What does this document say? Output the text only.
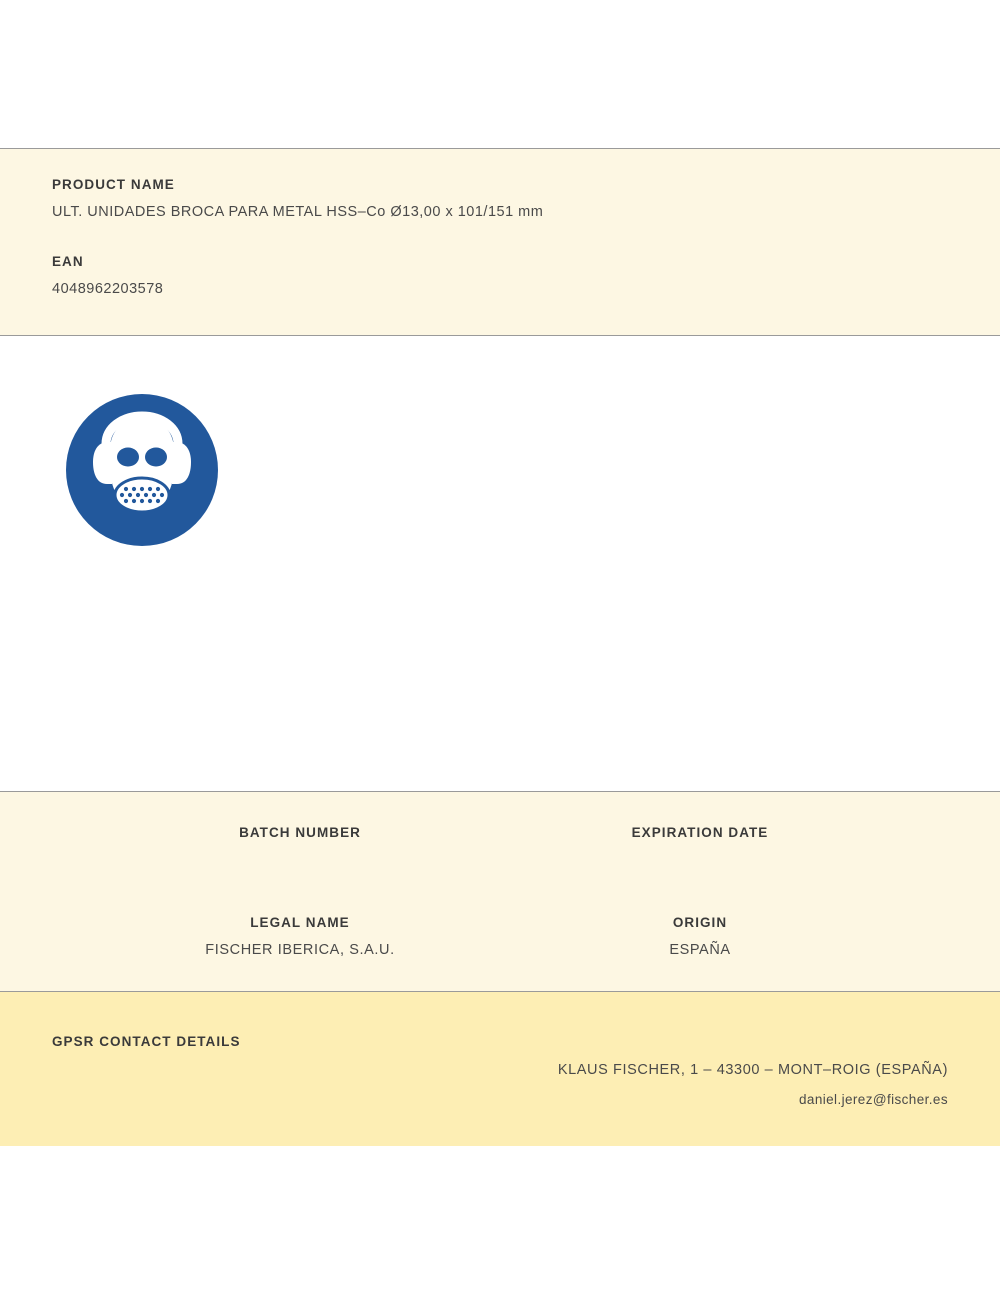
PRODUCT NAME
ULT. UNIDADES BROCA PARA METAL HSS–Co Ø13,00 x 101/151 mm
EAN
4048962203578
BATCH NUMBER	EXPIRATION DATE
LEGAL NAME
FISCHER IBERICA, S.A.U.
ORIGIN
ESPAÑA
GPSR CONTACT DETAILS
KLAUS FISCHER, 1 – 43300 – MONT–ROIG (ESPAÑA)
daniel.jerez@fischer.es
